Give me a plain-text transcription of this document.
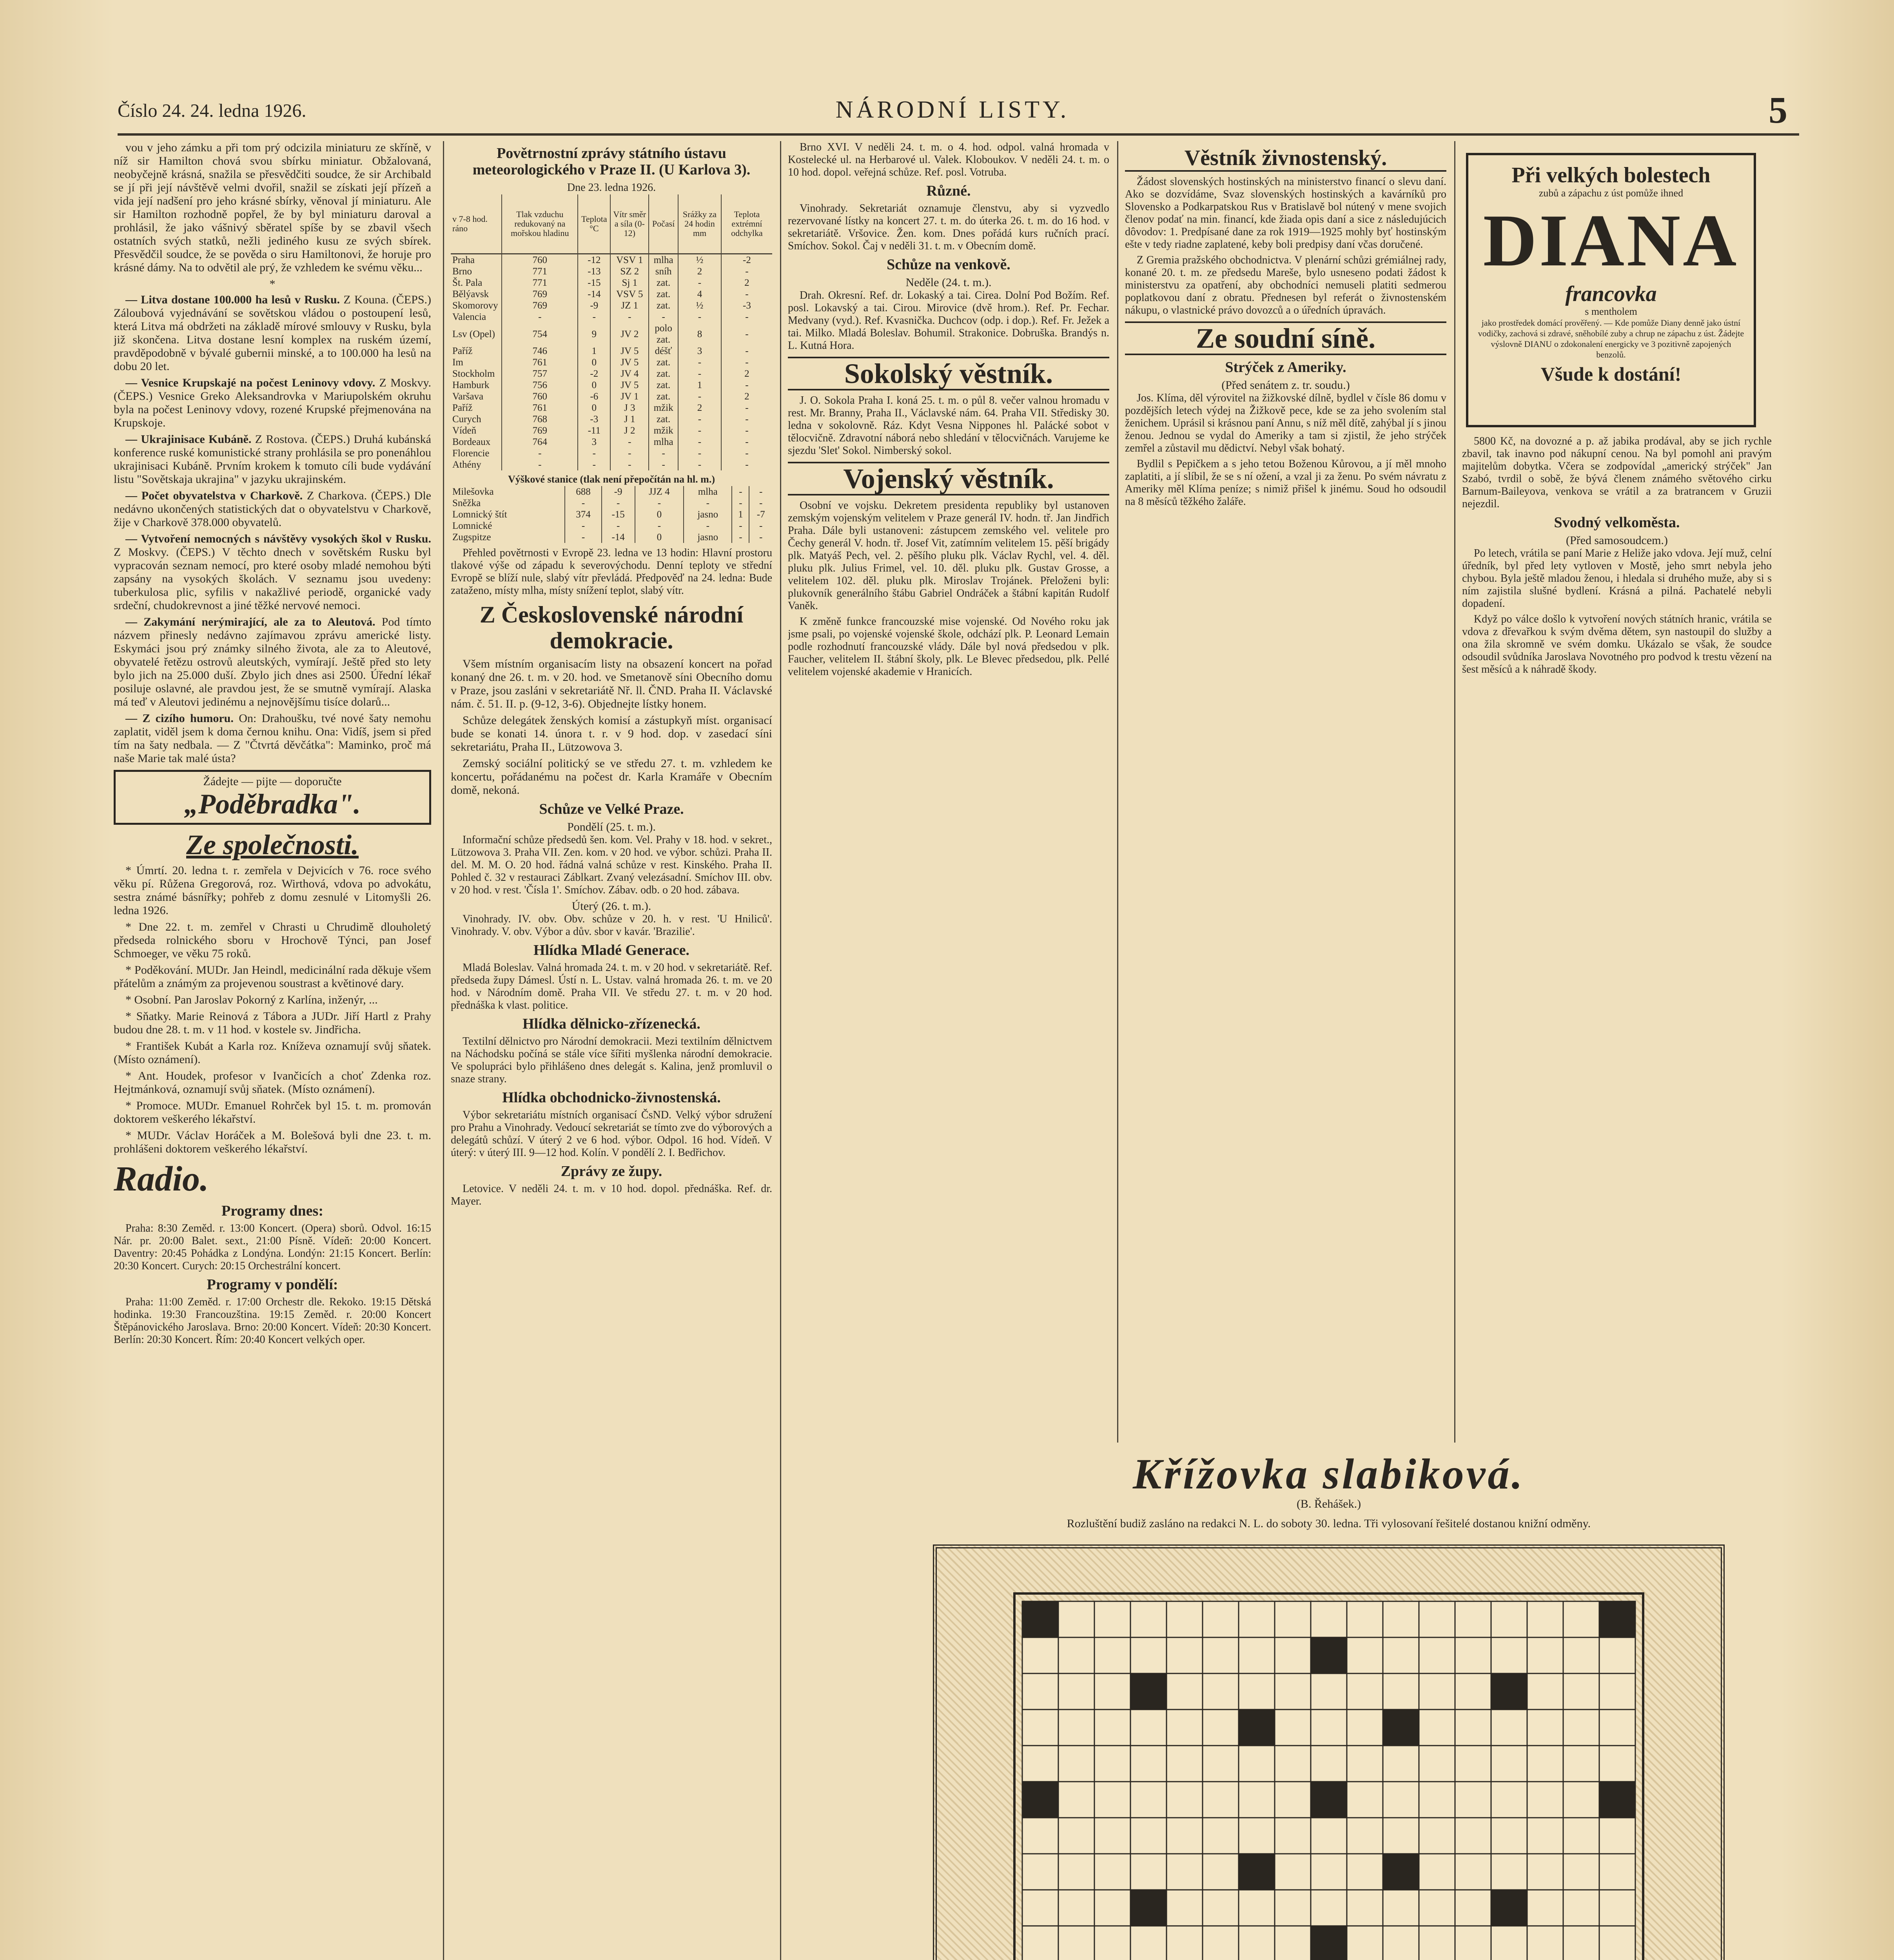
Číslo 24. 24. ledna 1926.	NÁRODNÍ LISTY.	5

vou v jeho zámku a při tom prý odcizila miniaturu ze skříně, v níž sir Hamilton chová svou sbírku miniatur. Obžalovaná, neobyčejně krásná, snažila se přesvědčiti soudce, že sir Archibald se jí při její návštěvě velmi dvořil, snažil se získati její přízeň a vida její nadšení pro jeho krásné sbírky, věnoval jí miniaturu. Ale sir Hamilton rozhodně popřel, že by byl miniaturu daroval a prohlásil, že jako vášnivý sběratel spíše by se zbavil všech ostatních svých statků, nežli jediného kusu ze svých sbírek. Přesvědčil soudce, že se pověda o siru Hamiltonovi, že horuje pro krásné dámy. Na to odvětil ale prý, že vzhledem ke svému věku...

*

— Litva dostane 100.000 ha lesů v Rusku. Z Kouna. (ČEPS.) Záloubová vyjednávání se sovětskou vládou o postoupení lesů, která Litva má obdržeti na základě mírové smlouvy v Rusku, byla již skončena. Litva dostane lesní komplex na ruském území, pravděpodobně v bývalé gubernii minské, a to 100.000 ha lesů na dobu 20 let.

— Vesnice Krupskajé na počest Leninovy vdovy. Z Moskvy. (ČEPS.) Vesnice Greko Aleksandrovka v Mariupolském okruhu byla na počest Leninovy vdovy, rozené Krupské přejmenována na Krupskoje.

— Ukrajinisace Kubáně. Z Rostova. (ČEPS.) Druhá kubánská konference ruské komunistické strany prohlásila se pro ponenáhlou ukrajinisaci Kubáně. Prvním krokem k tomuto cíli bude vydávání listu "Sovětskaja ukrajina" v jazyku ukrajinském.

— Počet obyvatelstva v Charkově. Z Charkova. (ČEPS.) Dle nedávno ukončených statistických dat o obyvatelstvu v Charkově, žije v Charkově 378.000 obyvatelů.

— Vytvoření nemocných s návštěvy vysokých škol v Rusku. Z Moskvy. (ČEPS.) V těchto dnech v sovětském Rusku byl vypracován seznam nemocí, pro které osoby mladé nemohou býti zapsány na vysokých školách. V seznamu jsou uvedeny: tuberkulosa plic, syfilis v nakažlivé periodě, organické vady srdeční, chudokrevnost a jiné těžké nervové nemoci.

— Zakymání nerýmirající, ale za to Aleutová. Pod tímto názvem přinesly nedávno zajímavou zprávu americké listy. Eskymáci jsou prý známky silného života, ale za to Aleutové, obyvatelé řetězu ostrovů aleutských, vymírají. Ještě před sto lety bylo jich na 25.000 duší. Zbylo jich dnes asi 2500. Úřední lékař posiluje oslavné, ale pravdou jest, že se smutně vymírají. Alaska má teď v Aleutovi jedinému a nejnovějšímu tisíce dolarů...

— Z cizího humoru. On: Drahoušku, tvé nové šaty nemohu zaplatit, viděl jsem k doma černou knihu. Ona: Vidíš, jsem si před tím na šaty nedbala. — Z "Čtvrtá děvčátka": Maminko, proč má naše Marie tak malé ústa?

Žádejte — pijte — doporučte
„Poděbradka".
Ze společnosti.

* Úmrtí. 20. ledna t. r. zemřela v Dejvicích v 76. roce svého věku pí. Růžena Gregorová, roz. Wirthová, vdova po advokátu, sestra známé básnířky; pohřeb z domu zesnulé v Litomyšli 26. ledna 1926.

* Dne 22. t. m. zemřel v Chrasti u Chrudimě dlouholetý předseda rolnického sboru v Hrochově Týnci, pan Josef Schmoeger, ve věku 75 roků.

* Poděkování. MUDr. Jan Heindl, medicinální rada děkuje všem přátelům a známým za projevenou soustrast a květinové dary.

* Osobní. Pan Jaroslav Pokorný z Karlína, inženýr, ...

* Sňatky. Marie Reinová z Tábora a JUDr. Jiří Hartl z Prahy budou dne 28. t. m. v 11 hod. v kostele sv. Jindřicha.

* František Kubát a Karla roz. Kníževa oznamují svůj sňatek. (Místo oznámení).

* Ant. Houdek, profesor v Ivančicích a choť Zdenka roz. Hejtmánková, oznamují svůj sňatek. (Místo oznámení).

* Promoce. MUDr. Emanuel Rohrček byl 15. t. m. promován doktorem veškerého lékařství.

* MUDr. Václav Horáček a M. Bolešová byli dne 23. t. m. prohlášeni doktorem veškerého lékařství.

Radio.
Programy dnes:

Praha: 8:30 Zeměd. r. 13:00 Koncert. (Opera) sborů. Odvol. 16:15 Nár. pr. 20:00 Balet. sext., 21:00 Písně. Vídeň: 20:00 Koncert. Daventry: 20:45 Pohádka z Londýna. Londýn: 21:15 Koncert. Berlín: 20:30 Koncert. Curych: 20:15 Orchestrální koncert.

Programy v pondělí:

Praha: 11:00 Zeměd. r. 17:00 Orchestr dle. Rekoko. 19:15 Dětská hodinka. 19:30 Francouzština. 19:15 Zeměd. r. 20:00 Koncert Štěpánovického Jaroslava. Brno: 20:00 Koncert. Vídeň: 20:30 Koncert. Berlín: 20:30 Koncert. Řím: 20:40 Koncert velkých oper.

Povětrnostní zprávy státního ústavu meteorologického v Praze II. (U Karlova 3).
Dne 23. ledna 1926.
v 7-8 hod. ráno	Tlak vzduchu redukovaný na mořskou hladinu	Teplota °C	Vítr směr a síla (0-12)	Počasí	Srážky za 24 hodin mm	Teplota extrémní odchylka
Praha	760	-12	VSV 1	mlha	½	-2
Brno	771	-13	SZ 2	sníh	2	-
Št. Pala	771	-15	Sj 1	zat.	-	2
Bělýavsk	769	-14	VSV 5	zat.	4	-
Skomorovy	769	-9	JZ 1	zat.	½	-3
Valencia	-	-	-	-	-	-
Lsv (Opel)	754	9	JV 2	polo zat.	8	-
Paříž	746	1	JV 5	déšť	3	-
Im	761	0	JV 5	zat.	-	-
Stockholm	757	-2	JV 4	zat.	-	2
Hamburk	756	0	JV 5	zat.	1	-
Varšava	760	-6	JV 1	zat.	-	2
Paříž	761	0	J 3	mžik	2	-
Curych	768	-3	J 1	zat.	-	-
Vídeň	769	-11	J 2	mžik	-	-
Bordeaux	764	3	-	mlha	-	-
Florencie	-	-	-	-	-	-
Athény	-	-	-	-	-	-
Výškové stanice (tlak není přepočítán na hl. m.)
Milešovka	688	-9	JJZ 4	mlha	-	-
Sněžka	-	-	-	-	-	-
Lomnický štít	374	-15	0	jasno	1	-7
Lomnické	-	-	-	-	-	-
Zugspitze	-	-14	0	jasno	-	-

Přehled povětrnosti v Evropě 23. ledna ve 13 hodin: Hlavní prostoru tlakové výše od západu k severovýchodu. Denní teploty ve střední Evropě se blíží nule, slabý vítr převládá. Předpověď na 24. ledna: Bude zataženo, místy mlha, místy snížení teplot, slabý vítr.

Z Československé národní demokracie.

Všem místním organisacím listy na obsazení koncert na pořad konaný dne 26. t. m. v 20. hod. ve Smetanově síni Obecního domu v Praze, jsou zasláni v sekretariátě Nř. ll. ČND. Praha II. Václavské nám. č. 51. II. p. (9-12, 3-6). Objednejte lístky honem.

Schůze delegátek ženských komisí a zástupkyň míst. organisací bude se konati 14. února t. r. v 9 hod. dop. v zasedací síni sekretariátu, Praha II., Lützowova 3.

Zemský sociální politický se ve středu 27. t. m. vzhledem ke koncertu, pořádanému na počest dr. Karla Kramáře v Obecním domě, nekoná.

Schůze ve Velké Praze.
Pondělí (25. t. m.).

Informační schůze předsedů šen. kom. Vel. Prahy v 18. hod. v sekret., Lützowova 3. Praha VII. Zen. kom. v 20 hod. ve výbor. schůzi. Praha II. del. M. M. O. 20 hod. řádná valná schůze v rest. Kinského. Praha II. Pohled č. 32 v restauraci Záblkart. Zvaný velezásadní. Smíchov III. obv. v 20 hod. v rest. 'Čísla 1'. Smíchov. Zábav. odb. o 20 hod. zábava.

Úterý (26. t. m.).

Vinohrady. IV. obv. Obv. schůze v 20. h. v rest. 'U Hniliců'. Vinohrady. V. obv. Výbor a dův. sbor v kavár. 'Brazilie'.

Hlídka Mladé Generace.

Mladá Boleslav. Valná hromada 24. t. m. v 20 hod. v sekretariátě. Ref. předseda župy Dámesl. Ústí n. L. Ustav. valná hromada 26. t. m. ve 20 hod. v Národním domě. Praha VII. Ve středu 27. t. m. v 20 hod. přednáška k vlast. politice.

Hlídka dělnicko-zřízenecká.

Textilní dělnictvo pro Národní demokracii. Mezi textilním dělnictvem na Náchodsku počíná se stále více šířiti myšlenka národní demokracie. Ve spolupráci bylo přihlášeno dnes delegát s. Kalina, jenž promluvil o snaze strany.

Hlídka obchodnicko-živnostenská.

Výbor sekretariátu místních organisací ČsND. Velký výbor sdružení pro Prahu a Vinohrady. Vedoucí sekretariát se tímto zve do výborových a delegátů schůzí. V úterý 2 ve 6 hod. výbor. Odpol. 16 hod. Vídeň. V úterý: v úterý III. 9—12 hod. Kolín. V pondělí 2. I. Bedřichov.

Zprávy ze župy.

Letovice. V neděli 24. t. m. v 10 hod. dopol. přednáška. Ref. dr. Mayer.

Brno XVI. V neděli 24. t. m. o 4. hod. odpol. valná hromada v Kostelecké ul. na Herbarové ul. Valek. Kloboukov. V neděli 24. t. m. o 10 hod. dopol. veřejná schůze. Ref. posl. Votruba.

Různé.

Vinohrady. Sekretariát oznamuje členstvu, aby si vyzvedlo rezervované lístky na koncert 27. t. m. do úterka 26. t. m. do 16 hod. v sekretariátě. Vršovice. Žen. kom. Dnes pořádá kurs ručních prací. Smíchov. Sokol. Čaj v neděli 31. t. m. v Obecním domě.

Schůze na venkově.
Neděle (24. t. m.).

Drah. Okresní. Ref. dr. Lokaský a tai. Cirea. Dolní Pod Božím. Ref. posl. Lokavský a tai. Cirou. Mirovice (dvě hrom.). Ref. Pr. Fechar. Medvany (vyd.). Ref. Kvasnička. Duchcov (odp. i dop.). Ref. Fr. Ježek a tai. Milko. Mladá Boleslav. Bohumil. Strakonice. Dobruška. Brandýs n. L. Kutná Hora.

Sokolský věstník.

J. O. Sokola Praha I. koná 25. t. m. o půl 8. večer valnou hromadu v rest. Mr. Branny, Praha II., Václavské nám. 64. Praha VII. Středisky 30. ledna v sokolovně. Ráz. Kdyt Vesna Nippones hl. Palácké sobot v tělocvičně. Zdravotní náborá nebo shledání v tělocvičnách. Varujeme ke sjezdu 'Slet' Sokol. Nimberský sokol.

Vojenský věstník.

Osobní ve vojsku. Dekretem presidenta republiky byl ustanoven zemským vojenským velitelem v Praze generál IV. hodn. tř. Jan Jindřich Praha. Dále byli ustanoveni: zástupcem zemského vel. velitele pro Čechy generál V. hodn. tř. Josef Vit, zatímním velitelem 15. pěší brigády plk. Matyáš Pech, vel. 2. pěšího pluku plk. Václav Rychl, vel. 4. děl. pluku plk. Julius Frimel, vel. 10. děl. pluku plk. Gustav Grosse, a velitelem 102. děl. pluku plk. Miroslav Trojánek. Přeloženi byli: plukovník generálního štábu Gabriel Ondráček a štábní kapitán Rudolf Vaněk.

K změně funkce francouzské mise vojenské. Od Nového roku jak jsme psali, po vojenské vojenské škole, odchází plk. P. Leonard Lemain podle rozhodnutí francouzské vlády. Dále byl nová předsedou v plk. Faucher, velitelem II. štábní školy, plk. Le Blevec předsedou, plk. Pellé velitelem vojenské akademie v Hranicích.

Věstník živnostenský.

Žádost slovenských hostinských na ministerstvo financí o slevu daní. Ako se dozvídáme, Svaz slovenských hostinských a kavárníků pro Slovensko a Podkarpatskou Rus v Bratislavě bol nútený v mene svojich členov podať na min. financí, kde žiada opis daní a sice z následujúcich dôvodov: 1. Predpísané dane za rok 1919—1925 mohly byť hostinským ešte v tedy riadne zaplatené, keby boli predpisy daní včas doručené.

Z Gremia pražského obchodnictva. V plenární schůzi grémiálnej rady, konané 20. t. m. ze předsedu Mareše, bylo usneseno podati žádost k ministerstvu za opatření, aby obchodníci nemuseli platiti sedmerou poplatkovou daní z obratu. Přednesen byl referát o živnostenském nákupu, o vlastnické právo dovozců a o úředních úpravách.

Ze soudní síně.
Strýček z Ameriky.
(Před senátem z. tr. soudu.)

Jos. Klíma, děl výrovitel na žižkovské dílně, bydlel v čísle 86 domu v pozdějších letech výdej na Žižkově pece, kde se za jeho svolením stal ženichem. Uprásil si krásnou paní Annu, s níž měl dítě, zahýbal jí s jinou ženou. Jednou se vydal do Ameriky a tam si zjistil, že jeho strýček zemřel a zůstavil mu dědictví. Nebyl však bohatý.

Bydlil s Pepičkem a s jeho tetou Boženou Kůrovou, a jí měl mnoho zaplatiti, a jí slíbil, že se s ní ožení, a vzal ji za ženu. Po svém návratu z Ameriky měl Klíma peníze; s nimiž přišel k jinému. Soud ho odsoudil na 8 měsíců těžkého žaláře.

Při velkých bolestech
zubů a zápachu z úst pomůže ihned
DIANA
francovka
s mentholem
jako prostředek domácí prověřený. — Kde pomůže Diany denně jako ústní vodičky, zachová si zdravé, sněhobílé zuby a chrup ne zápachu z úst. Žádejte výslovně DIANU o zdokonalení energicky ve 3 pozitivně zapojených benzolů.
Všude k dostání!

5800 Kč, na dovozné a p. až jabika prodával, aby se jich rychle zbavil, tak inavno pod nákupní cenou. Na byl pomohl ani pravým majitelům dobytka. Včera se zodpovídal „americký strýček" Jan Szabó, tvrdil o sobě, že bývá členem známého světového cirku Barnum-Baileyova, venkova se vrátil a za bratrancem v Gruzii nejezdil.

Svodný velkoměsta.
(Před samosoudcem.)

Po letech, vrátila se paní Marie z Heliže jako vdova. Její muž, celní úředník, byl před lety vytloven v Mostě, jeho smrt nebyla jeho chybou. Byla ještě mladou ženou, i hledala si druhého muže, aby si s ním zajistila slušné bydlení. Krásná a pilná. Pachatelé nebyli dopadení.

Když po válce došlo k vytvoření nových státních hranic, vrátila se vdova z dřevařkou k svým dvěma dětem, syn nastoupil do služby a ona žila skromně ve svém domku. Ukázalo se však, že soudce odsoudil svůdníka Jaroslava Novotného pro podvod k trestu vězení na šest měsíců a k náhradě škody.

Křížovka slabiková.
(B. Řehášek.)
Rozluštění budiž zasláno na redakci N. L. do soboty 30. ledna. Tři vylosovaní řešitelé dostanou knižní odměny.
